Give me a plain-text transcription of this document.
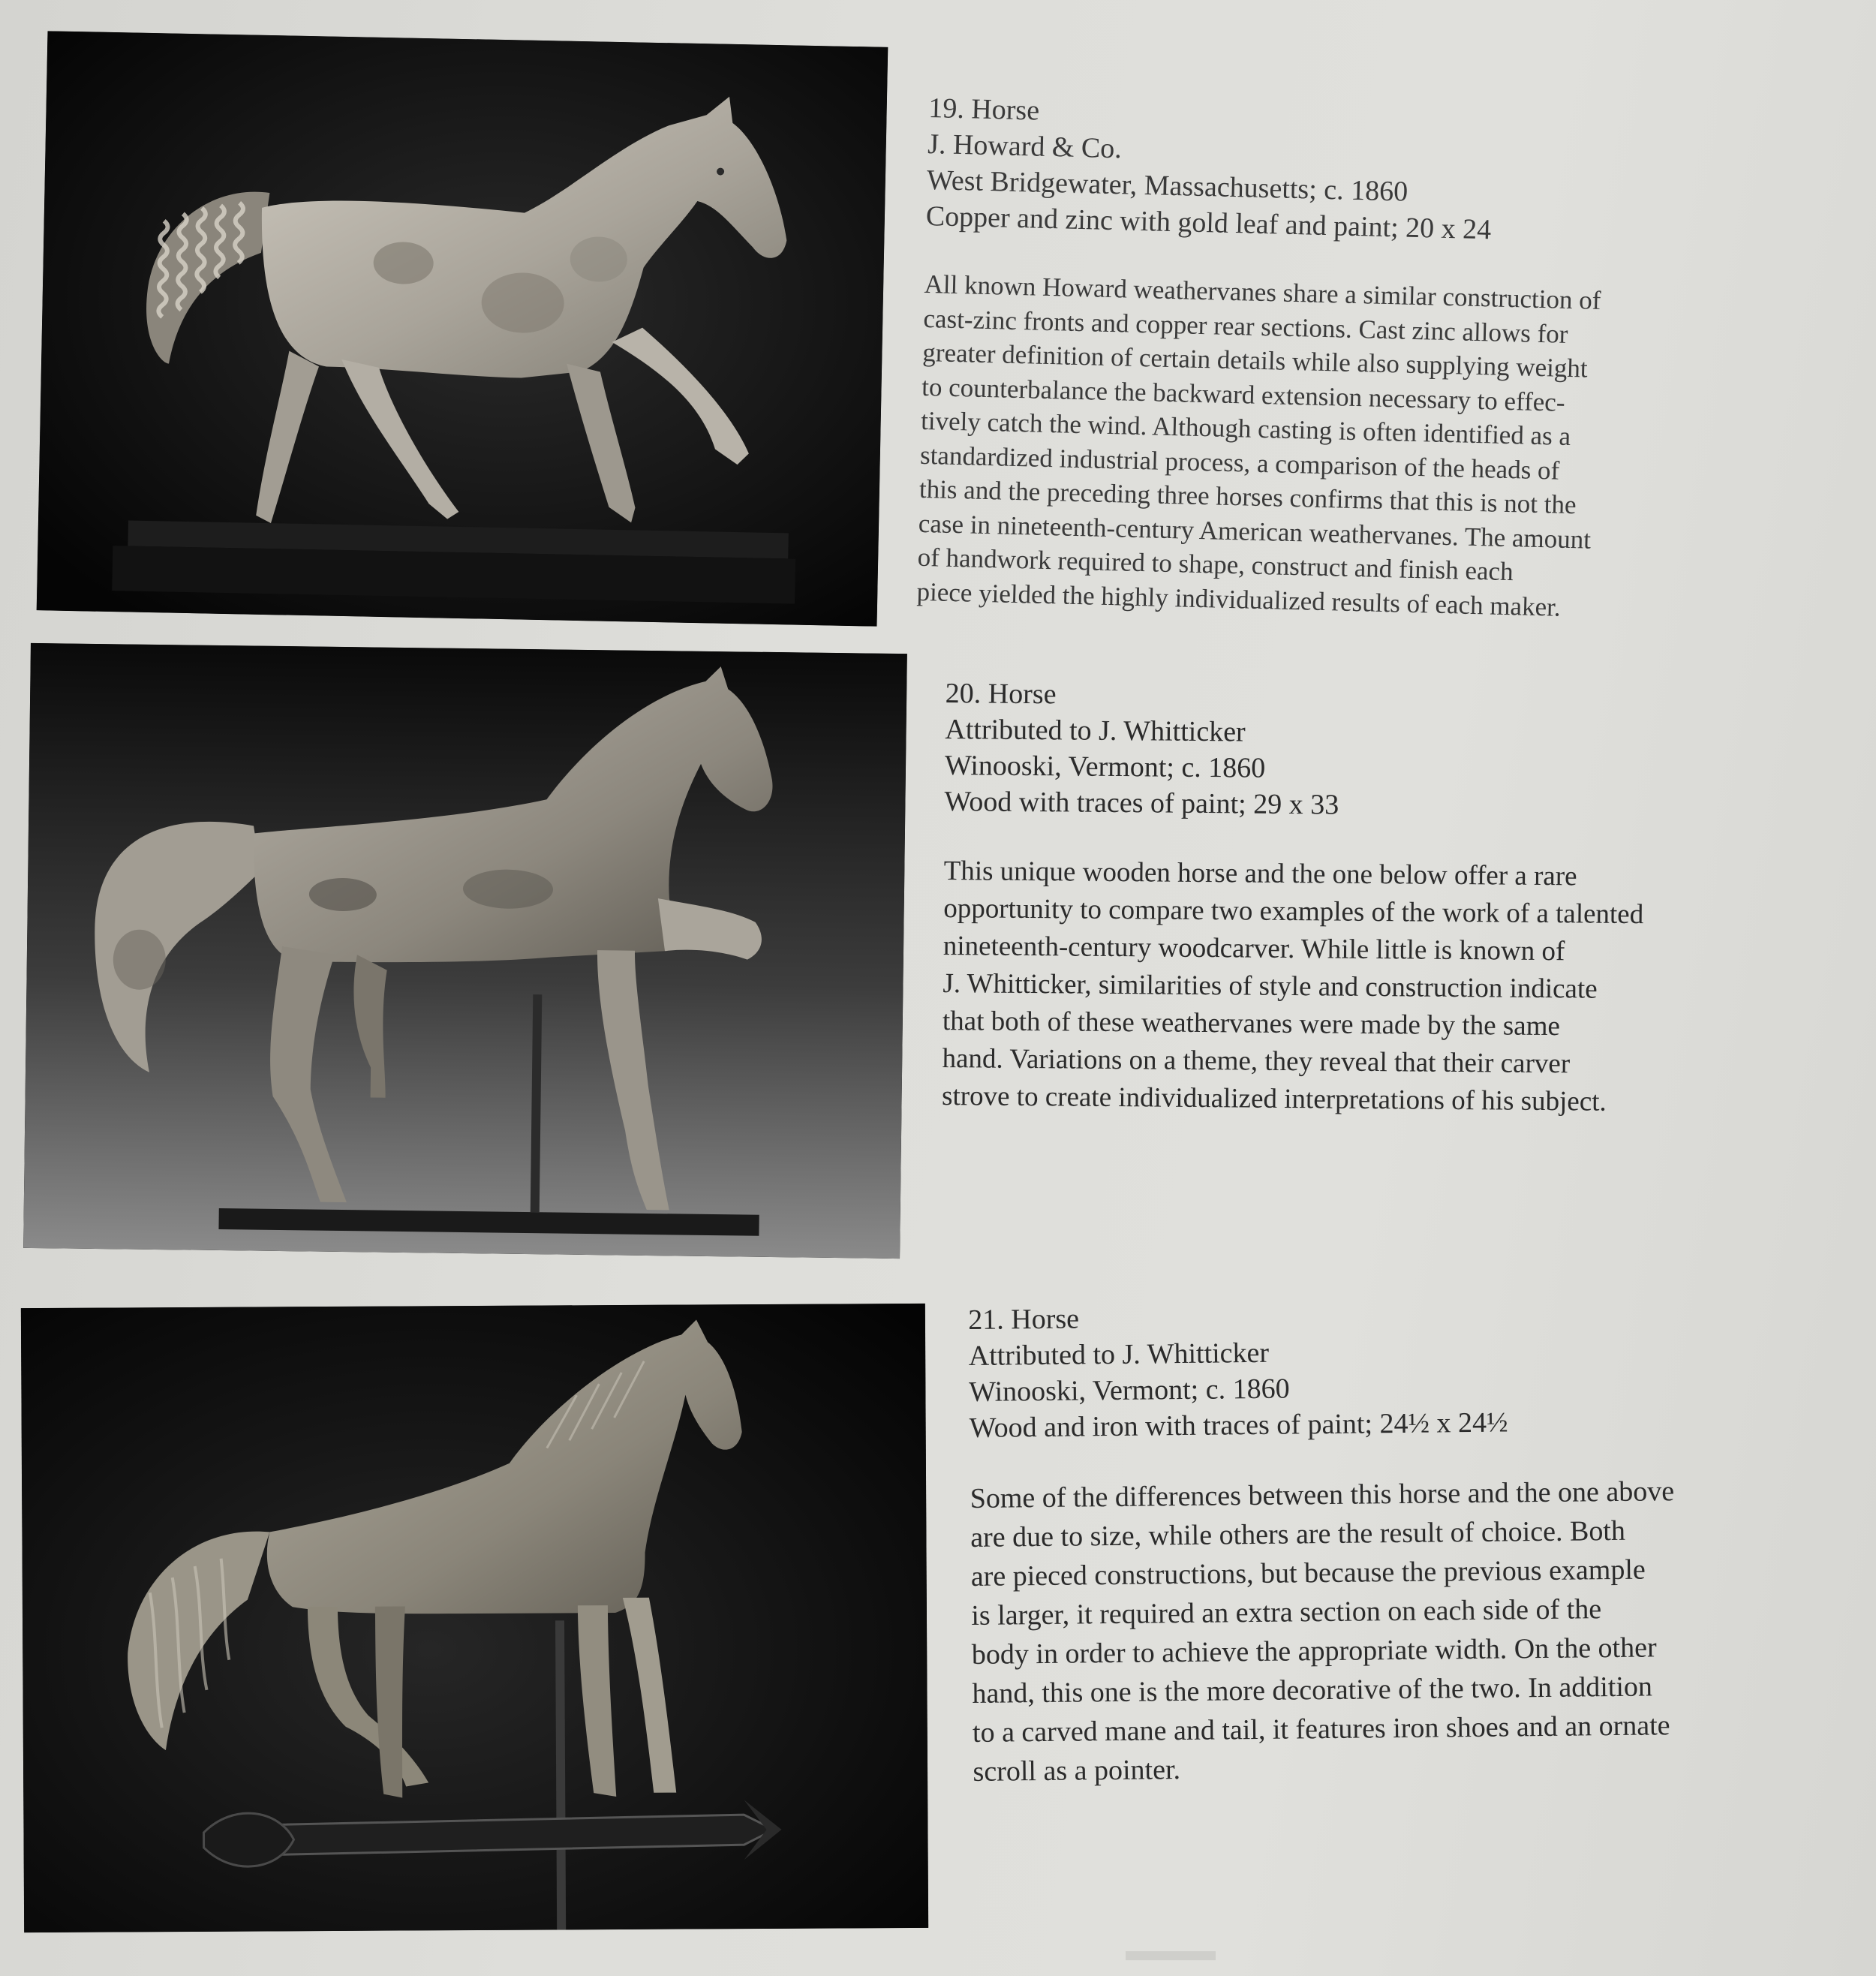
19. Horse
J. Howard & Co.
West Bridgewater, Massachusetts; c. 1860
Copper and zinc with gold leaf and paint; 20 x 24
All known Howard weathervanes share a similar construction of
cast-zinc fronts and copper rear sections. Cast zinc allows for
greater definition of certain details while also supplying weight
to counterbalance the backward extension necessary to effec-
tively catch the wind. Although casting is often identified as a
standardized industrial process, a comparison of the heads of
this and the preceding three horses confirms that this is not the
case in nineteenth-century American weathervanes. The amount
of handwork required to shape, construct and finish each
piece yielded the highly individualized results of each maker.
20. Horse
Attributed to J. Whitticker
Winooski, Vermont; c. 1860
Wood with traces of paint; 29 x 33
This unique wooden horse and the one below offer a rare
opportunity to compare two examples of the work of a talented
nineteenth-century woodcarver. While little is known of
J. Whitticker, similarities of style and construction indicate
that both of these weathervanes were made by the same
hand. Variations on a theme, they reveal that their carver
strove to create individualized interpretations of his subject.
21. Horse
Attributed to J. Whitticker
Winooski, Vermont; c. 1860
Wood and iron with traces of paint; 24½ x 24½
Some of the differences between this horse and the one above
are due to size, while others are the result of choice. Both
are pieced constructions, but because the previous example
is larger, it required an extra section on each side of the
body in order to achieve the appropriate width. On the other
hand, this one is the more decorative of the two. In addition
to a carved mane and tail, it features iron shoes and an ornate
scroll as a pointer.
